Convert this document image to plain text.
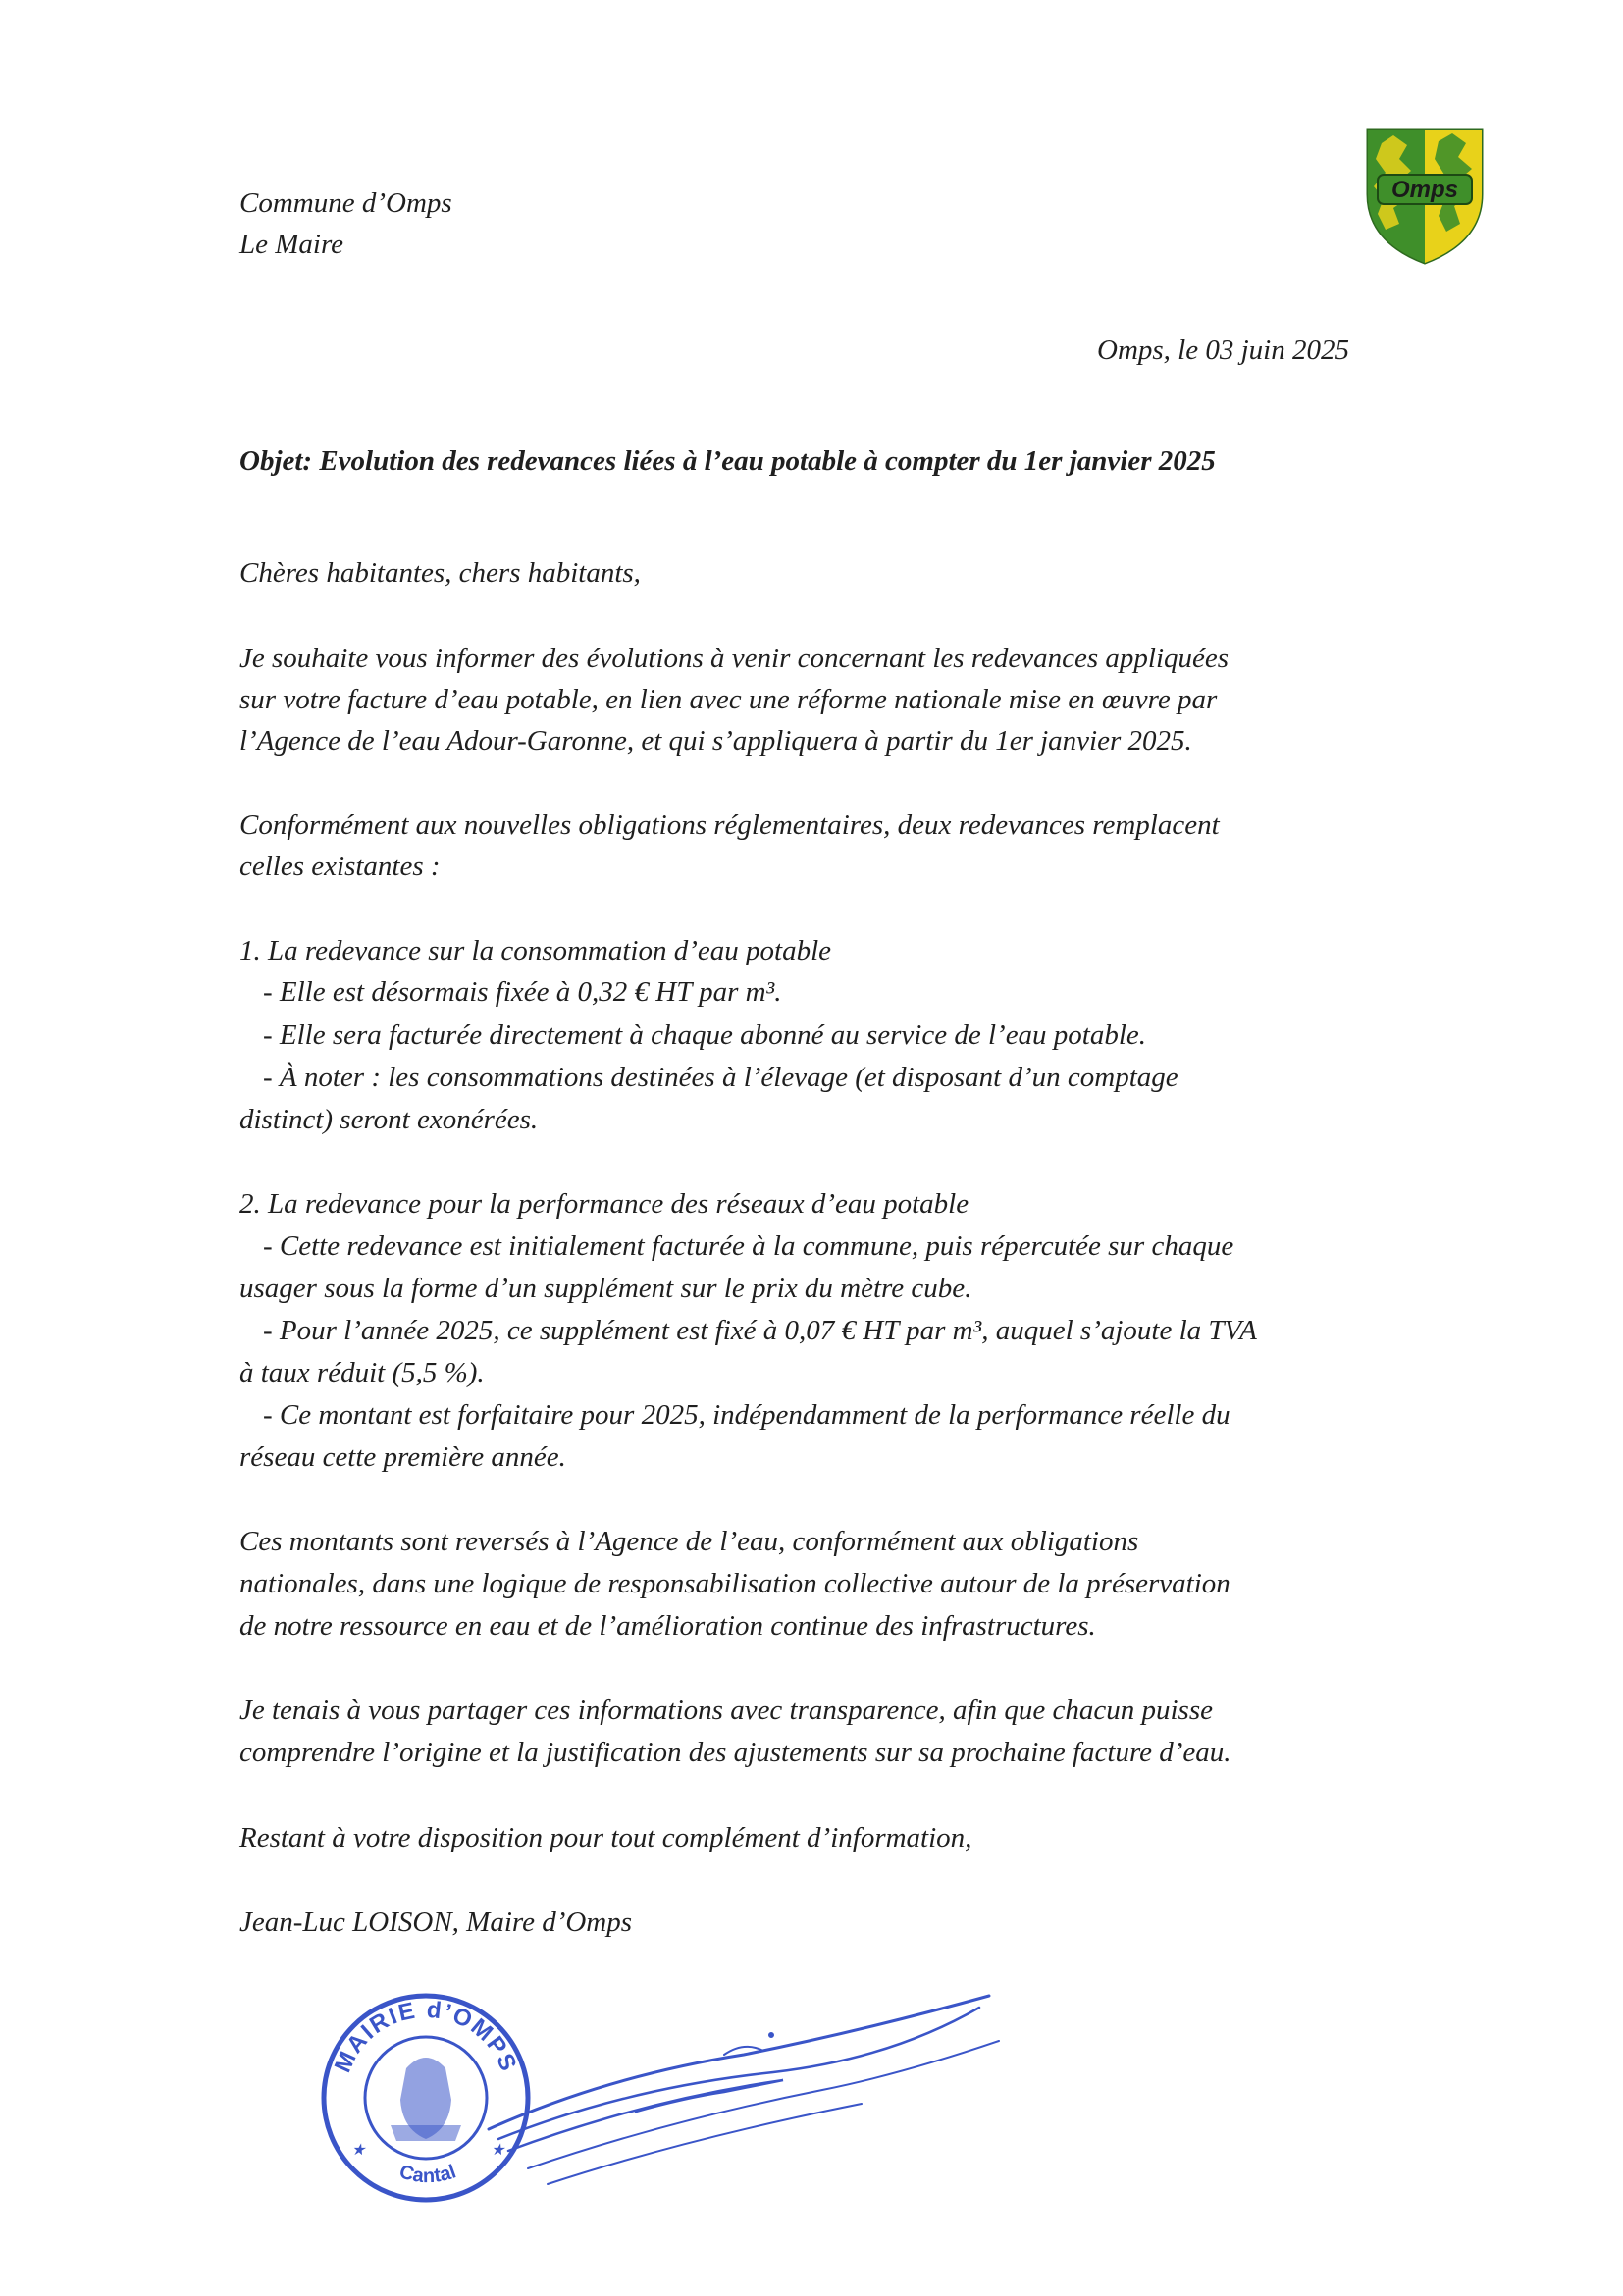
Commune d’Omps

Le Maire

Omps

Omps, le 03 juin 2025

Objet: Evolution des redevances liées à l’eau potable à compter du 1er janvier 2025

Chères habitantes, chers habitants,

Je souhaite vous informer des évolutions à venir concernant les redevances appliquées

sur votre facture d’eau potable, en lien avec une réforme nationale mise en œuvre par

l’Agence de l’eau Adour-Garonne, et qui s’appliquera à partir du 1er janvier 2025.

Conformément aux nouvelles obligations réglementaires, deux redevances remplacent

celles existantes :

1. La redevance sur la consommation d’eau potable

- Elle est désormais fixée à 0,32 € HT par m³.

- Elle sera facturée directement à chaque abonné au service de l’eau potable.

- À noter : les consommations destinées à l’élevage (et disposant d’un comptage

distinct) seront exonérées.

2. La redevance pour la performance des réseaux d’eau potable

- Cette redevance est initialement facturée à la commune, puis répercutée sur chaque

usager sous la forme d’un supplément sur le prix du mètre cube.

- Pour l’année 2025, ce supplément est fixé à 0,07 € HT par m³, auquel s’ajoute la TVA

à taux réduit (5,5 %).

- Ce montant est forfaitaire pour 2025, indépendamment de la performance réelle du

réseau cette première année.

Ces montants sont reversés à l’Agence de l’eau, conformément aux obligations

nationales, dans une logique de responsabilisation collective autour de la préservation

de notre ressource en eau et de l’amélioration continue des infrastructures.

Je tenais à vous partager ces informations avec transparence, afin que chacun puisse

comprendre l’origine et la justification des ajustements sur sa prochaine facture d’eau.

Restant à votre disposition pour tout complément d’information,

Jean-Luc LOISON, Maire d’Omps

MAIRIE d’OMPS
Cantal
★	★
